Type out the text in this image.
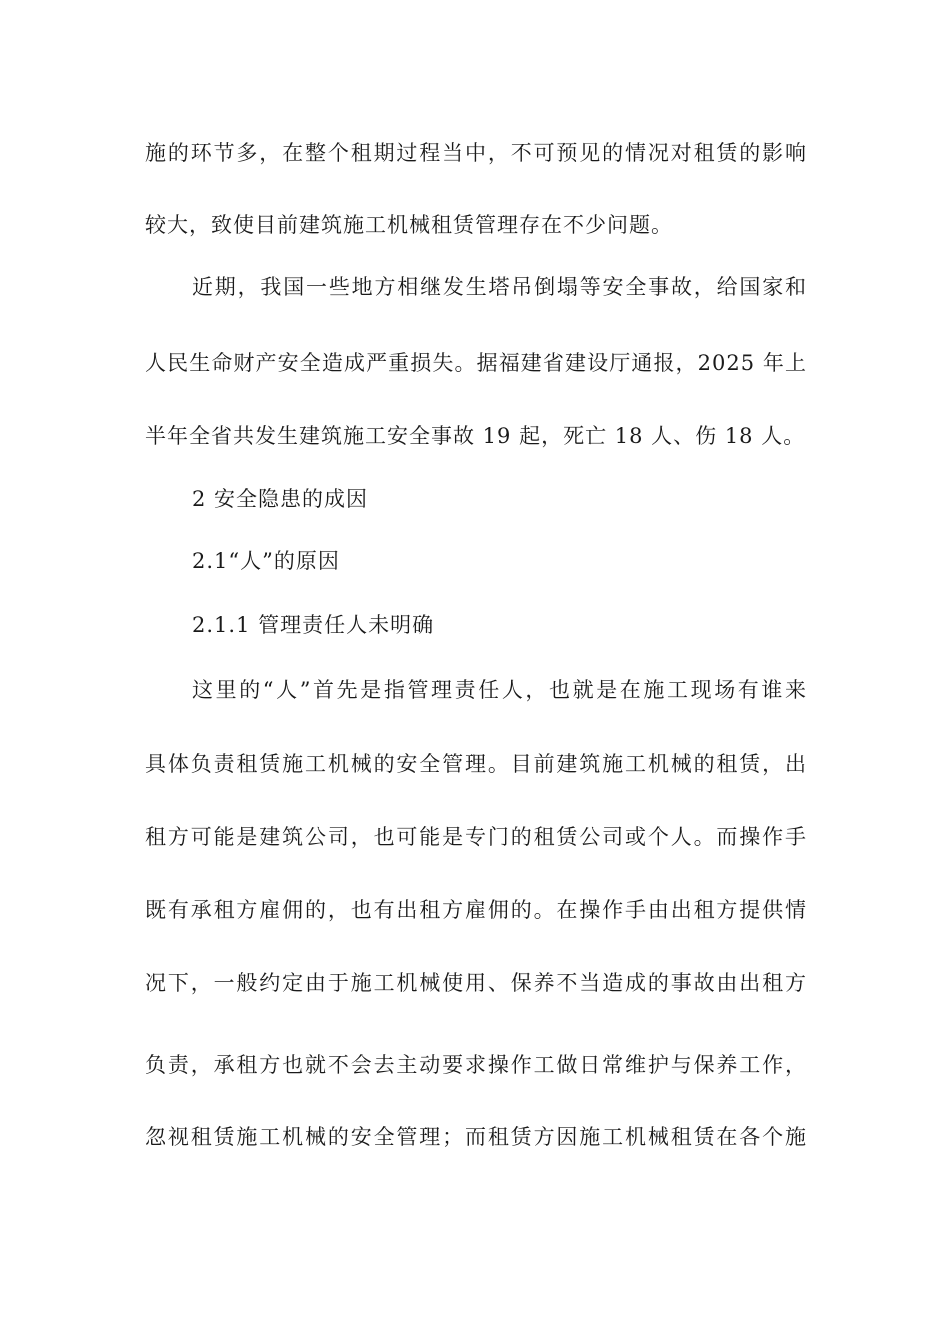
施的环节多，在整个租期过程当中，不可预见的情况对租赁的影响
较大，致使目前建筑施工机械租赁管理存在不少问题。
近期，我国一些地方相继发生塔吊倒塌等安全事故，给国家和
人民生命财产安全造成严重损失。据福建省建设厅通报，2025 年上
半年全省共发生建筑施工安全事故 19 起，死亡 18 人、伤 18 人。
2 安全隐患的成因
2.1“人”的原因
2.1.1 管理责任人未明确
这里的“人”首先是指管理责任人，也就是在施工现场有谁来
具体负责租赁施工机械的安全管理。目前建筑施工机械的租赁，出
租方可能是建筑公司，也可能是专门的租赁公司或个人。而操作手
既有承租方雇佣的，也有出租方雇佣的。在操作手由出租方提供情
况下，一般约定由于施工机械使用、保养不当造成的事故由出租方
负责，承租方也就不会去主动要求操作工做日常维护与保养工作，
忽视租赁施工机械的安全管理；而租赁方因施工机械租赁在各个施
